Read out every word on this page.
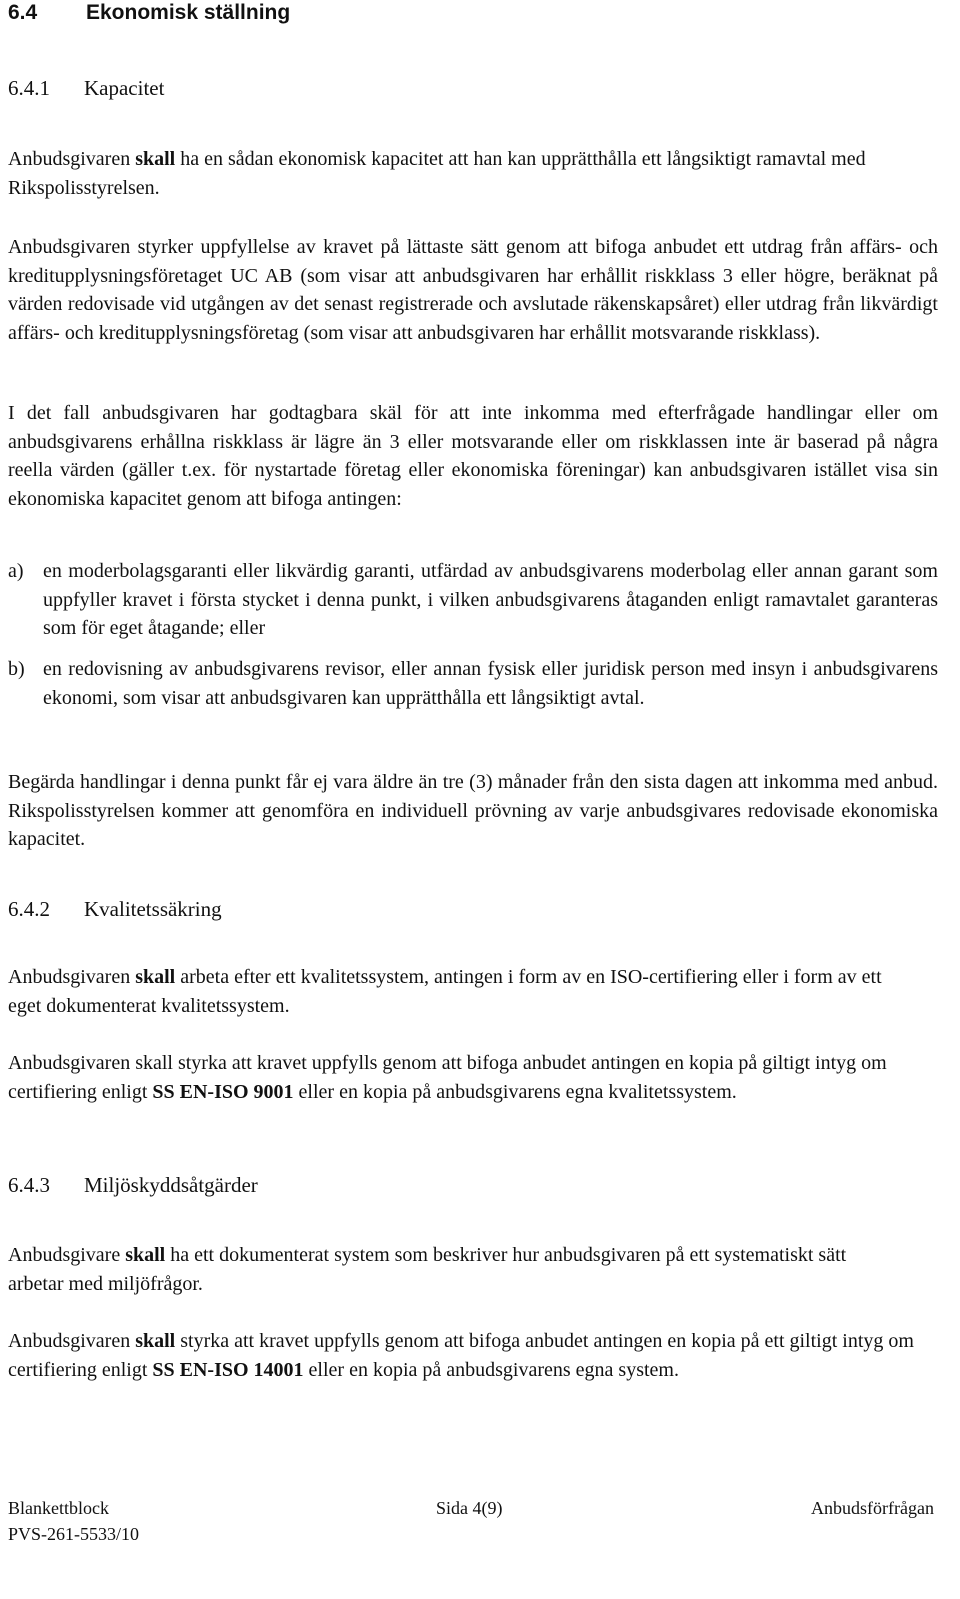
6.4 Ekonomisk ställning
6.4.1 Kapacitet
Anbudsgivaren skall ha en sådan ekonomisk kapacitet att han kan upprätthålla ett långsiktigt ramavtal med Rikspolisstyrelsen.
Anbudsgivaren styrker uppfyllelse av kravet på lättaste sätt genom att bifoga anbudet ett utdrag från affärs- och kreditupplysningsföretaget UC AB (som visar att anbudsgivaren har erhållit riskklass 3 eller högre, beräknat på värden redovisade vid utgången av det senast registrerade och avslutade räkenskapsåret) eller utdrag från likvärdigt affärs- och kreditupplysningsföretag (som visar att anbudsgivaren har erhållit motsvarande riskklass).
I det fall anbudsgivaren har godtagbara skäl för att inte inkomma med efterfrågade handlingar eller om anbudsgivarens erhållna riskklass är lägre än 3 eller motsvarande eller om riskklassen inte är baserad på några reella värden (gäller t.ex. för nystartade företag eller ekonomiska föreningar) kan anbudsgivaren istället visa sin ekonomiska kapacitet genom att bifoga antingen:
a) en moderbolagsgaranti eller likvärdig garanti, utfärdad av anbudsgivarens moderbolag eller annan garant som uppfyller kravet i första stycket i denna punkt, i vilken anbudsgivarens åtaganden enligt ramavtalet garanteras som för eget åtagande; eller
b) en redovisning av anbudsgivarens revisor, eller annan fysisk eller juridisk person med insyn i anbudsgivarens ekonomi, som visar att anbudsgivaren kan upprätthålla ett långsiktigt avtal.
Begärda handlingar i denna punkt får ej vara äldre än tre (3) månader från den sista dagen att inkomma med anbud. Rikspolisstyrelsen kommer att genomföra en individuell prövning av varje anbudsgivares redovisade ekonomiska kapacitet.
6.4.2 Kvalitetssäkring
Anbudsgivaren skall arbeta efter ett kvalitetssystem, antingen i form av en ISO-certifiering eller i form av ett eget dokumenterat kvalitetssystem.
Anbudsgivaren skall styrka att kravet uppfylls genom att bifoga anbudet antingen en kopia på giltigt intyg om certifiering enligt SS EN-ISO 9001 eller en kopia på anbudsgivarens egna kvalitetssystem.
6.4.3 Miljöskyddsåtgärder
Anbudsgivare skall ha ett dokumenterat system som beskriver hur anbudsgivaren på ett systematiskt sätt arbetar med miljöfrågor.
Anbudsgivaren skall styrka att kravet uppfylls genom att bifoga anbudet antingen en kopia på ett giltigt intyg om certifiering enligt SS EN-ISO 14001 eller en kopia på anbudsgivarens egna system.
Blankettblock
PVS-261-5533/10
Sida 4(9)	Anbudsförfrågan
